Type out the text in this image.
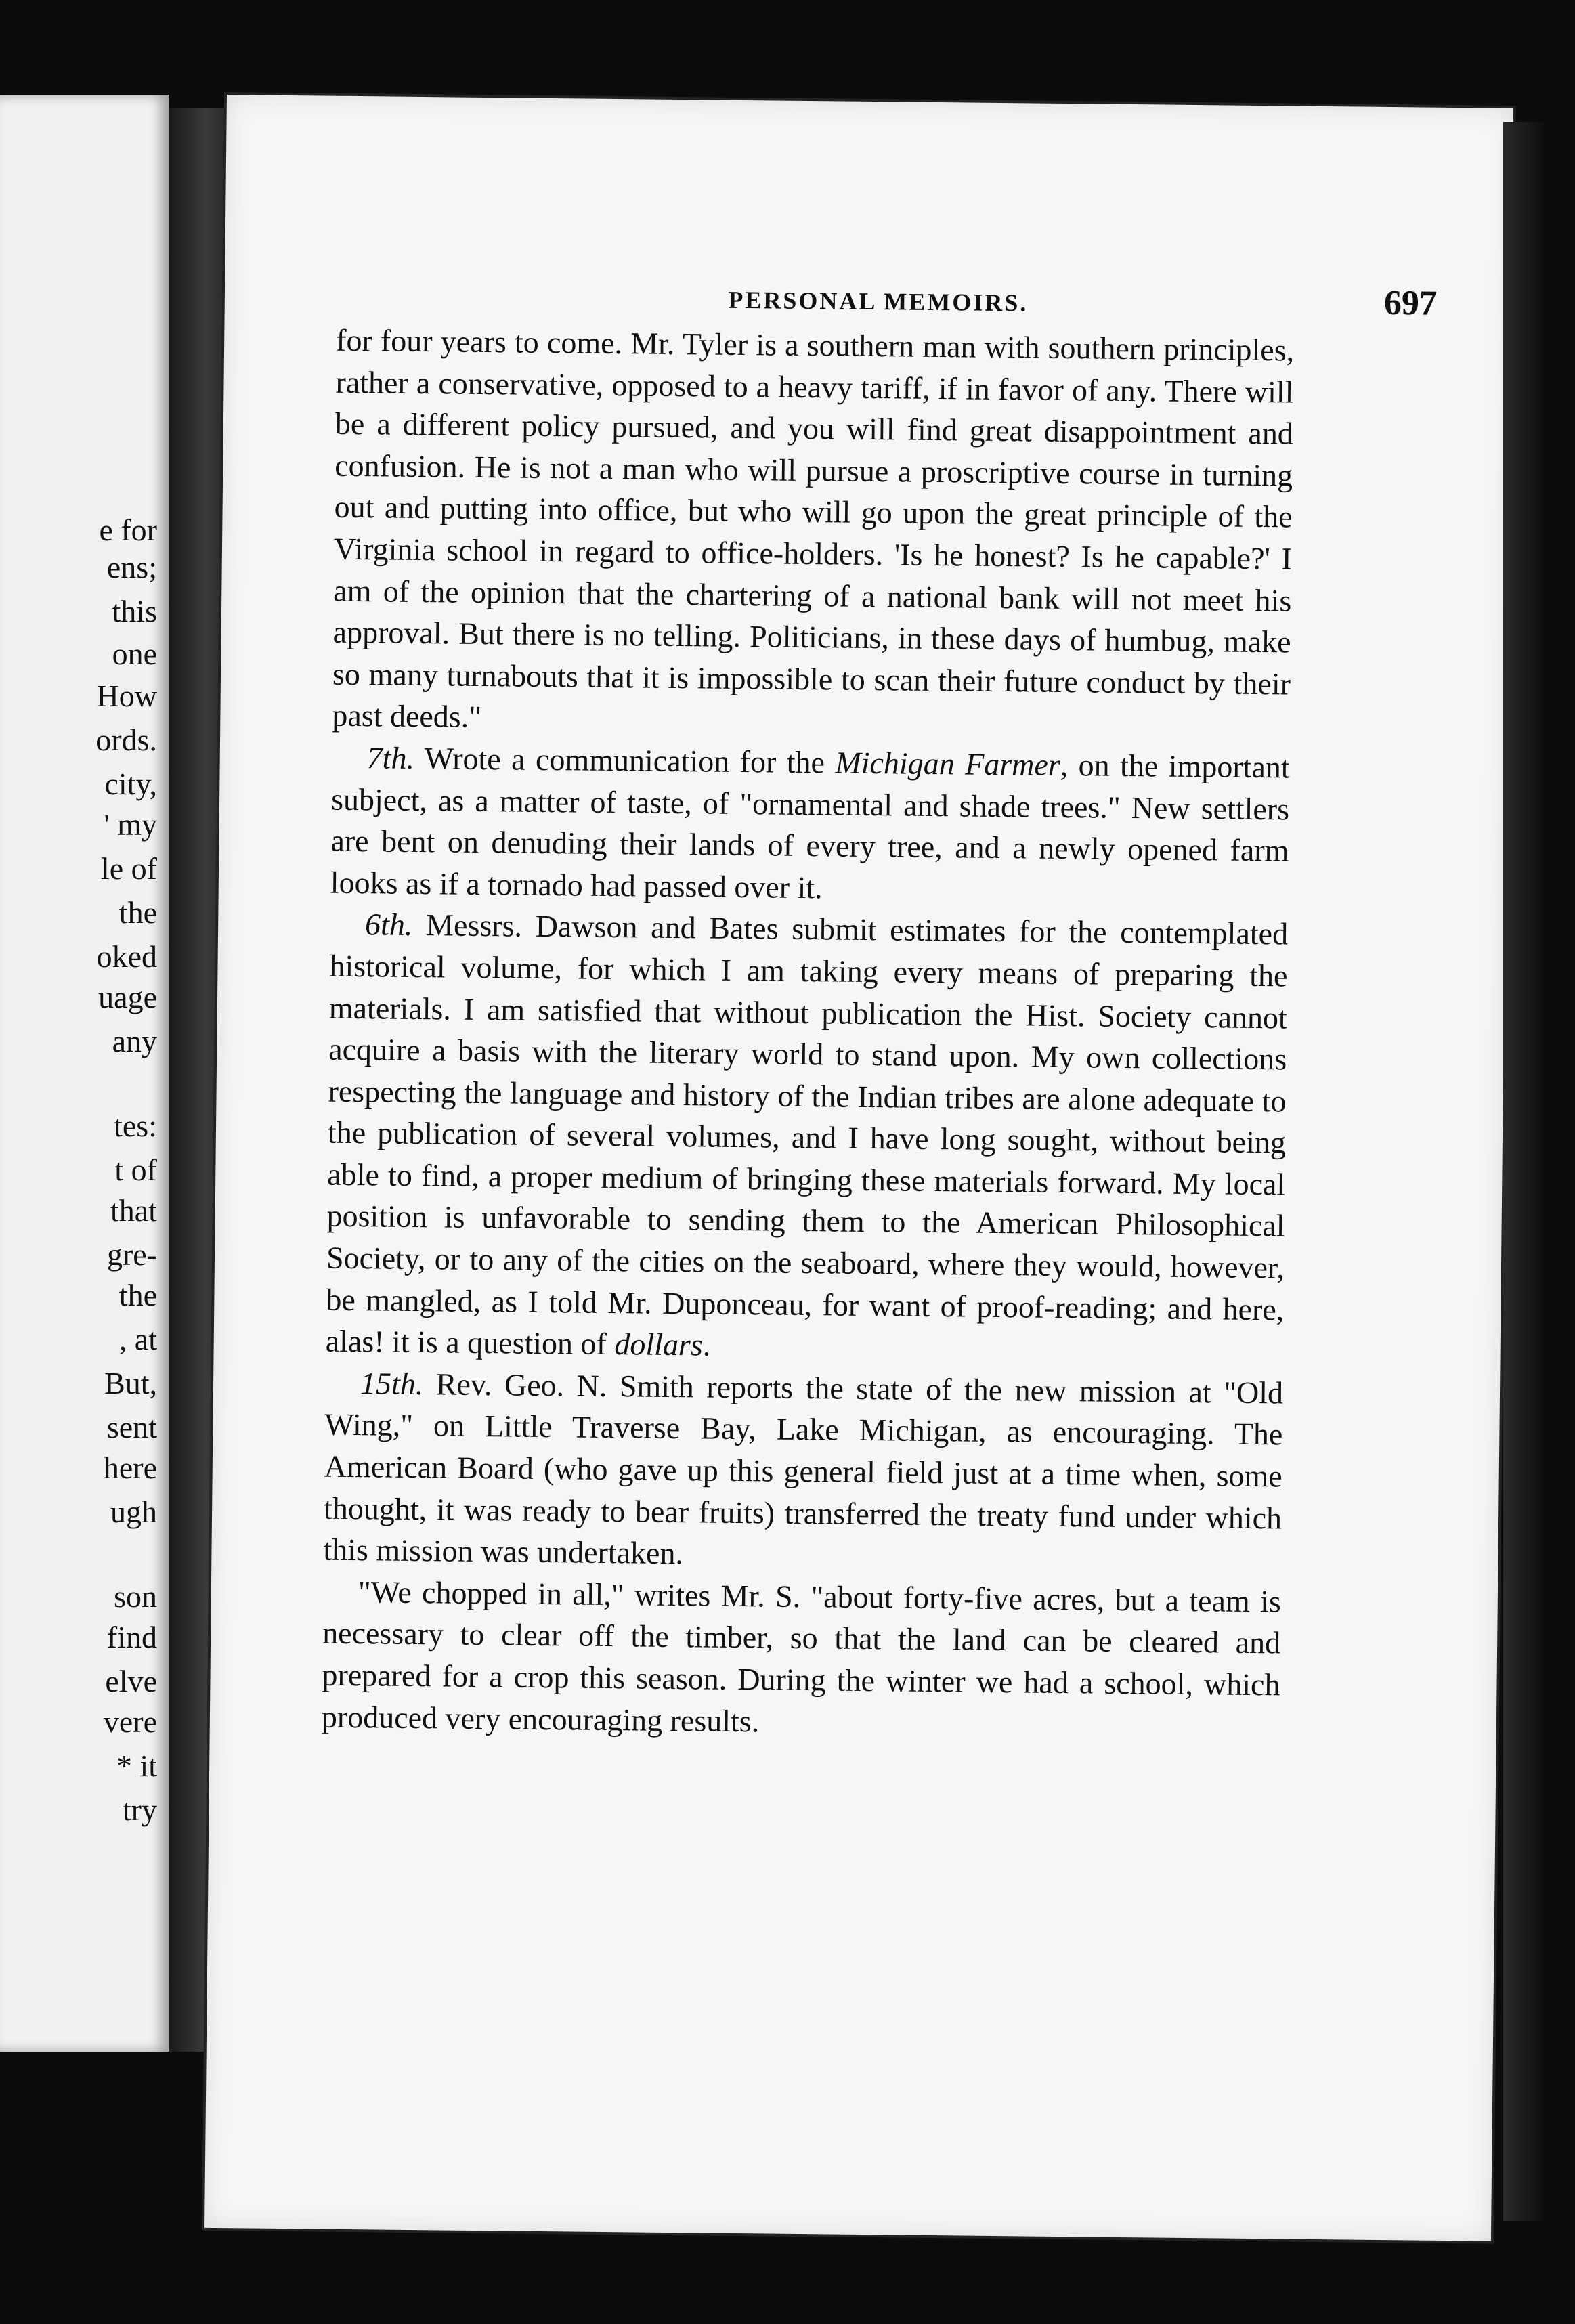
e for
ens;
this
one
How
ords.
city,
' my
le of
the
oked
uage
any
tes:
t of
that
gre-
the
, at
But,
sent
here
ugh
son
find
elve
vere
* it
try
PERSONAL MEMOIRS.	697

for four years to come. Mr. Tyler is a southern man with southern principles, rather a conservative, opposed to a heavy tariff, if in favor of any. There will be a different policy pursued, and you will find great disappointment and confusion. He is not a man who will pursue a proscriptive course in turning out and putting into office, but who will go upon the great principle of the Virginia school in regard to office-holders. 'Is he honest? Is he capable?' I am of the opinion that the chartering of a national bank will not meet his approval. But there is no telling. Politicians, in these days of humbug, make so many turnabouts that it is impossible to scan their future conduct by their past deeds."

7th. Wrote a communication for the Michigan Farmer, on the important subject, as a matter of taste, of "ornamental and shade trees." New settlers are bent on denuding their lands of every tree, and a newly opened farm looks as if a tornado had passed over it.

6th. Messrs. Dawson and Bates submit estimates for the contemplated historical volume, for which I am taking every means of preparing the materials. I am satisfied that without publication the Hist. Society cannot acquire a basis with the literary world to stand upon. My own collections respecting the language and history of the Indian tribes are alone adequate to the publication of several volumes, and I have long sought, without being able to find, a proper medium of bringing these materials forward. My local position is unfavorable to sending them to the American Philosophical Society, or to any of the cities on the seaboard, where they would, however, be mangled, as I told Mr. Duponceau, for want of proof-reading; and here, alas! it is a question of dollars.

15th. Rev. Geo. N. Smith reports the state of the new mission at "Old Wing," on Little Traverse Bay, Lake Michigan, as encouraging. The American Board (who gave up this general field just at a time when, some thought, it was ready to bear fruits) transferred the treaty fund under which this mission was undertaken.

"We chopped in all," writes Mr. S. "about forty-five acres, but a team is necessary to clear off the timber, so that the land can be cleared and prepared for a crop this season. During the winter we had a school, which produced very encouraging results.
